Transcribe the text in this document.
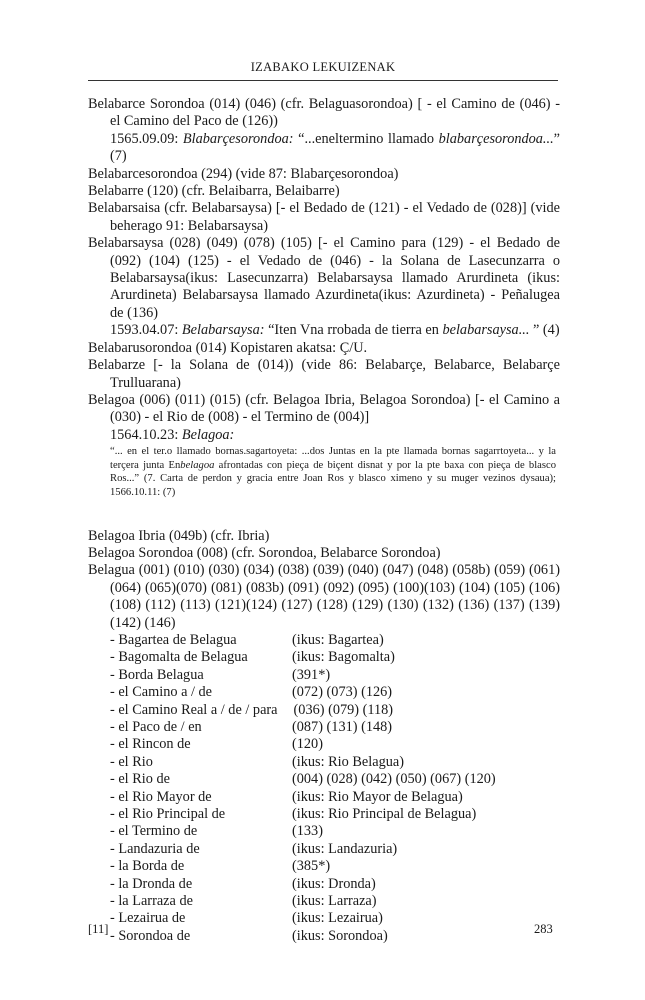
IZABAKO LEKUIZENAK

Belabarce Sorondoa (014) (046) (cfr. Belaguasorondoa) [ - el Camino de (046) - el Camino del Paco de (126))

1565.09.09: Blabarçesorondoa: “...eneltermino llamado blabarçesorondoa...” (7)

Belabarcesorondoa (294) (vide 87: Blabarçesorondoa)

Belabarre (120) (cfr. Belaibarra, Belaibarre)

Belabarsaisa (cfr. Belabarsaysa) [- el Bedado de (121) - el Vedado de (028)] (vide beherago 91: Belabarsaysa)

Belabarsaysa (028) (049) (078) (105) [- el Camino para (129) - el Bedado de (092) (104) (125) - el Vedado de (046) - la Solana de Lasecunzarra o Belabarsaysa(ikus: Lasecunzarra) Belabarsaysa llamado Arurdineta (ikus: Arurdineta) Belabarsaysa llamado Azurdineta(ikus: Azurdineta) - Peñalugea de (136)

1593.04.07: Belabarsaysa: “Iten Vna rrobada de tierra en belabarsaysa... ” (4)

Belabarusorondoa (014) Kopistaren akatsa: Ç/U.

Belabarze [- la Solana de (014)) (vide 86: Belabarçe, Belabarce, Belabarçe Trulluarana)

Belagoa (006) (011) (015) (cfr. Belagoa Ibria, Belagoa Sorondoa) [- el Camino a (030) - el Rio de (008) - el Termino de (004)]

1564.10.23: Belagoa:

“... en el ter.o llamado bornas.sagartoyeta: ...dos Juntas en la pte llamada bornas sagarrtoyeta... y la terçera junta Enbelagoa afrontadas con pieça de biçent disnat y por la pte baxa con pieça de blasco Ros...” (7. Carta de perdon y gracia entre Joan Ros y blasco ximeno y su muger vezinos dysaua); 1566.10.11: (7)

Belagoa Ibria (049b) (cfr. Ibria)

Belagoa Sorondoa (008) (cfr. Sorondoa, Belabarce Sorondoa)

Belagua (001) (010) (030) (034) (038) (039) (040) (047) (048) (058b) (059) (061) (064) (065)(070) (081) (083b) (091) (092) (095) (100)(103) (104) (105) (106) (108) (112) (113) (121)(124) (127) (128) (129) (130) (132) (136) (137) (139) (142) (146)

- Bagartea de Belagua	(ikus: Bagartea)
- Bagomalta de Belagua	(ikus: Bagomalta)
- Borda Belagua	(391*)
- el Camino a / de	(072) (073) (126)
- el Camino Real a / de / para (036) (079) (118)
- el Paco de / en	(087) (131) (148)
- el Rincon de	(120)
- el Rio	(ikus: Rio Belagua)
- el Rio de	(004) (028) (042) (050) (067) (120)
- el Rio Mayor de	(ikus: Rio Mayor de Belagua)
- el Rio Principal de	(ikus: Rio Principal de Belagua)
- el Termino de	(133)
- Landazuria de	(ikus: Landazuria)
- la Borda de	(385*)
- la Dronda de	(ikus: Dronda)
- la Larraza de	(ikus: Larraza)
- Lezairua de	(ikus: Lezairua)
- Sorondoa de	(ikus: Sorondoa)
[11]	283
